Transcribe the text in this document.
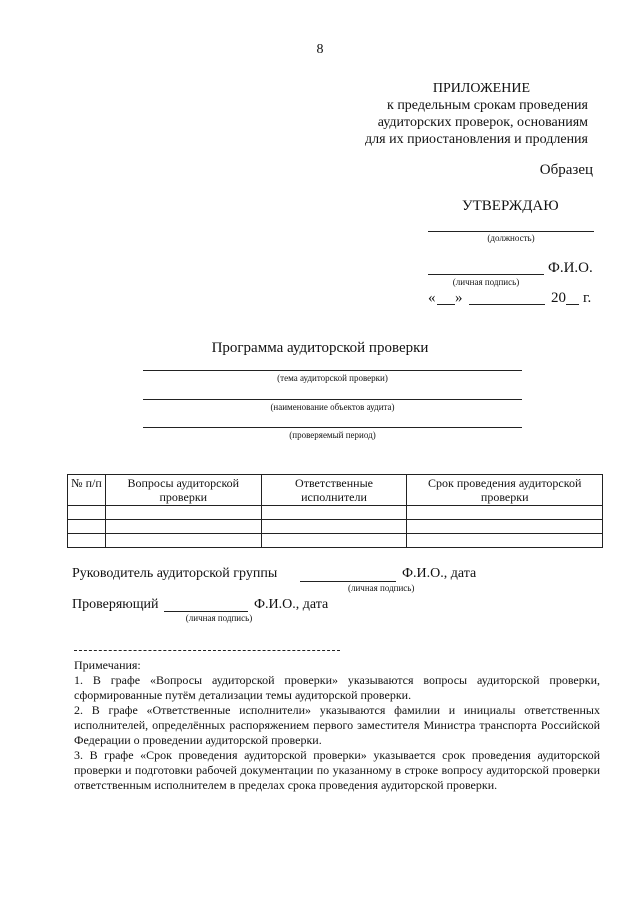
8
ПРИЛОЖЕНИЕ
к предельным срокам проведения
аудиторских проверок, основаниям
для их приостановления и продления
Образец
УТВЕРЖДАЮ
(должность)
Ф.И.О.
(личная подпись)
« »	20 г.
Программа аудиторской проверки
(тема аудиторской проверки)
(наименование объектов аудита)
(проверяемый период)
№ п/п	Вопросы аудиторской проверки	Ответственные исполнители	Срок проведения аудиторской проверки

Руководитель аудиторской группы	Ф.И.О., дата
(личная подпись)
Проверяющий	Ф.И.О., дата
(личная подпись)

Примечания:

1. В графе «Вопросы аудиторской проверки» указываются вопросы аудиторской проверки, сформированные путём детализации темы аудиторской проверки.

2. В графе «Ответственные исполнители» указываются фамилии и инициалы ответственных исполнителей, определённых распоряжением первого заместителя Министра транспорта Российской Федерации о проведении аудиторской проверки.

3. В графе «Срок проведения аудиторской проверки» указывается срок проведения аудиторской проверки и подготовки рабочей документации по указанному в строке вопросу аудиторской проверки ответственным исполнителем в пределах срока проведения аудиторской проверки.
